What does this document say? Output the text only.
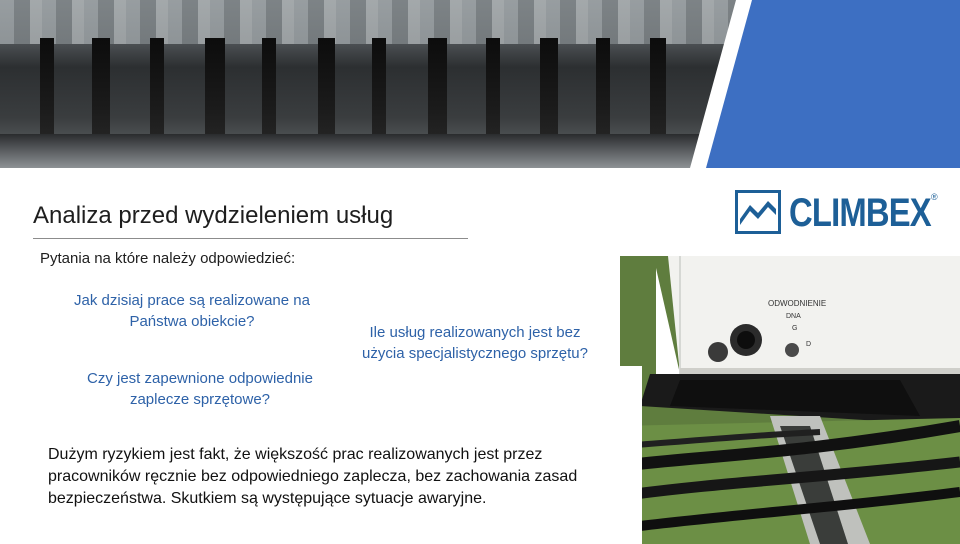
Analiza przed wydzieleniem usług
Pytania na które należy odpowiedzieć:
Jak dzisiaj prace są realizowane na
Państwa obiekcie?
Czy jest zapewnione odpowiednie
zaplecze sprzętowe?
Ile usług realizowanych jest bez
użycia specjalistycznego sprzętu?
Dużym ryzykiem jest fakt, że większość prac realizowanych jest przez pracowników ręcznie bez odpowiedniego zaplecza, bez zachowania zasad bezpieczeństwa. Skutkiem są występujące sytuacje awaryjne.
CLIMBEX ®
ODWODNIENIE
DNA
G
D
